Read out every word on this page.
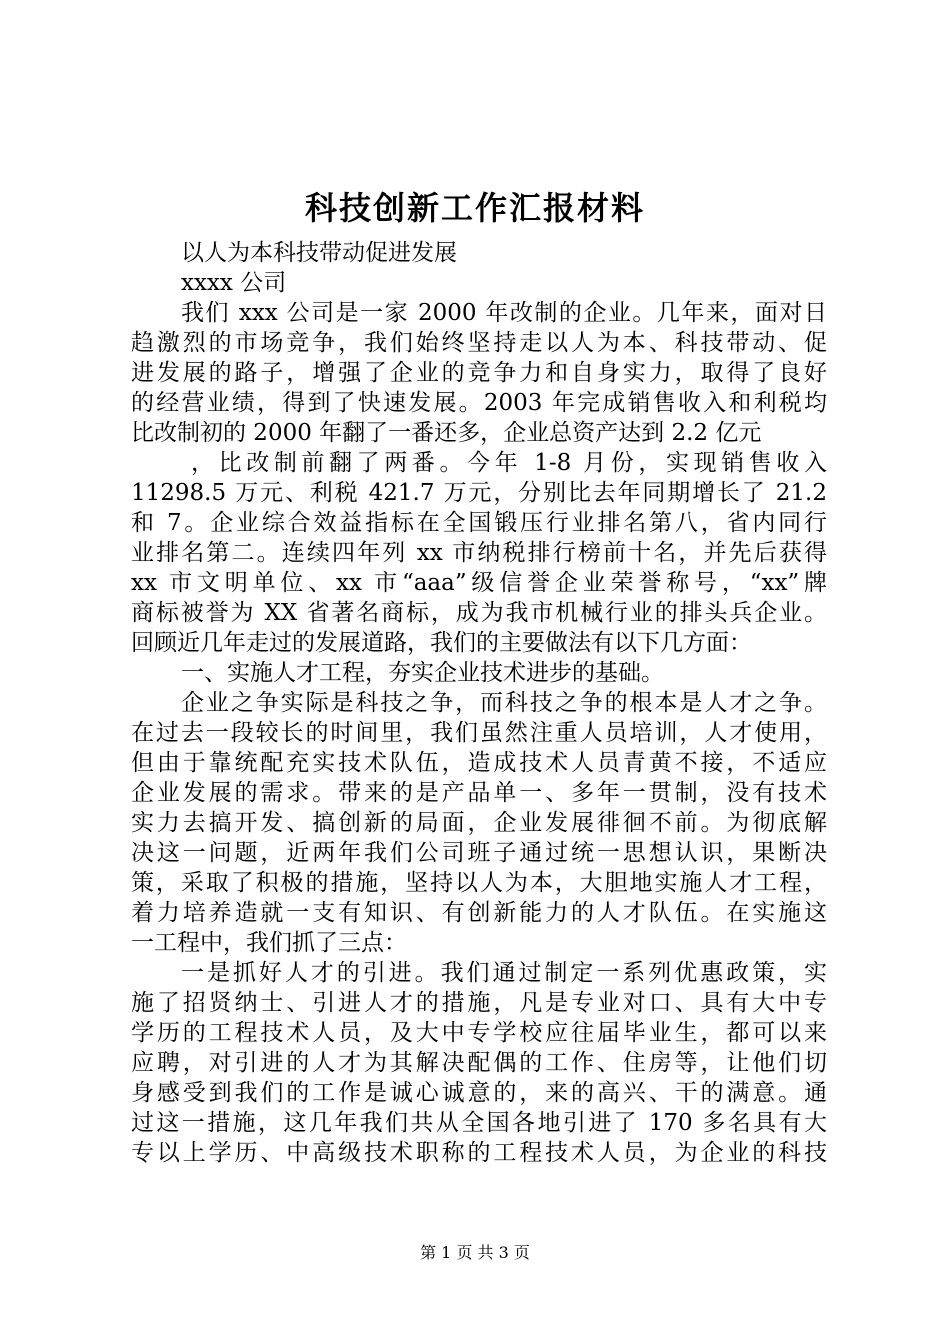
科技创新工作汇报材料
以人为本科技带动促进发展
xxxx 公司
我们 xxx 公司是一家 2000 年改制的企业。几年来，面对日
趋激烈的市场竞争，我们始终坚持走以人为本、科技带动、促
进发展的路子，增强了企业的竞争力和自身实力，取得了良好
的经营业绩，得到了快速发展。2003 年完成销售收入和利税均
比改制初的 2000 年翻了一番还多，企业总资产达到 2.2 亿元
，比改制前翻了两番。今年 1-8 月份，实现销售收入
11298.5 万元、利税 421.7 万元，分别比去年同期增长了 21.2
和 7。企业综合效益指标在全国锻压行业排名第八，省内同行
业排名第二。连续四年列 xx 市纳税排行榜前十名，并先后获得
xx 市文明单位、xx 市“aaa”级信誉企业荣誉称号，“xx”牌
商标被誉为 XX 省著名商标，成为我市机械行业的排头兵企业。
回顾近几年走过的发展道路，我们的主要做法有以下几方面：
一、实施人才工程，夯实企业技术进步的基础。
企业之争实际是科技之争，而科技之争的根本是人才之争。
在过去一段较长的时间里，我们虽然注重人员培训，人才使用，
但由于靠统配充实技术队伍，造成技术人员青黄不接，不适应
企业发展的需求。带来的是产品单一、多年一贯制，没有技术
实力去搞开发、搞创新的局面，企业发展徘徊不前。为彻底解
决这一问题，近两年我们公司班子通过统一思想认识，果断决
策，采取了积极的措施，坚持以人为本，大胆地实施人才工程，
着力培养造就一支有知识、有创新能力的人才队伍。在实施这
一工程中，我们抓了三点：
一是抓好人才的引进。我们通过制定一系列优惠政策，实
施了招贤纳士、引进人才的措施，凡是专业对口、具有大中专
学历的工程技术人员，及大中专学校应往届毕业生，都可以来
应聘，对引进的人才为其解决配偶的工作、住房等，让他们切
身感受到我们的工作是诚心诚意的，来的高兴、干的满意。通
过这一措施，这几年我们共从全国各地引进了 170 多名具有大
专以上学历、中高级技术职称的工程技术人员，为企业的科技
第 1 页 共 3 页
